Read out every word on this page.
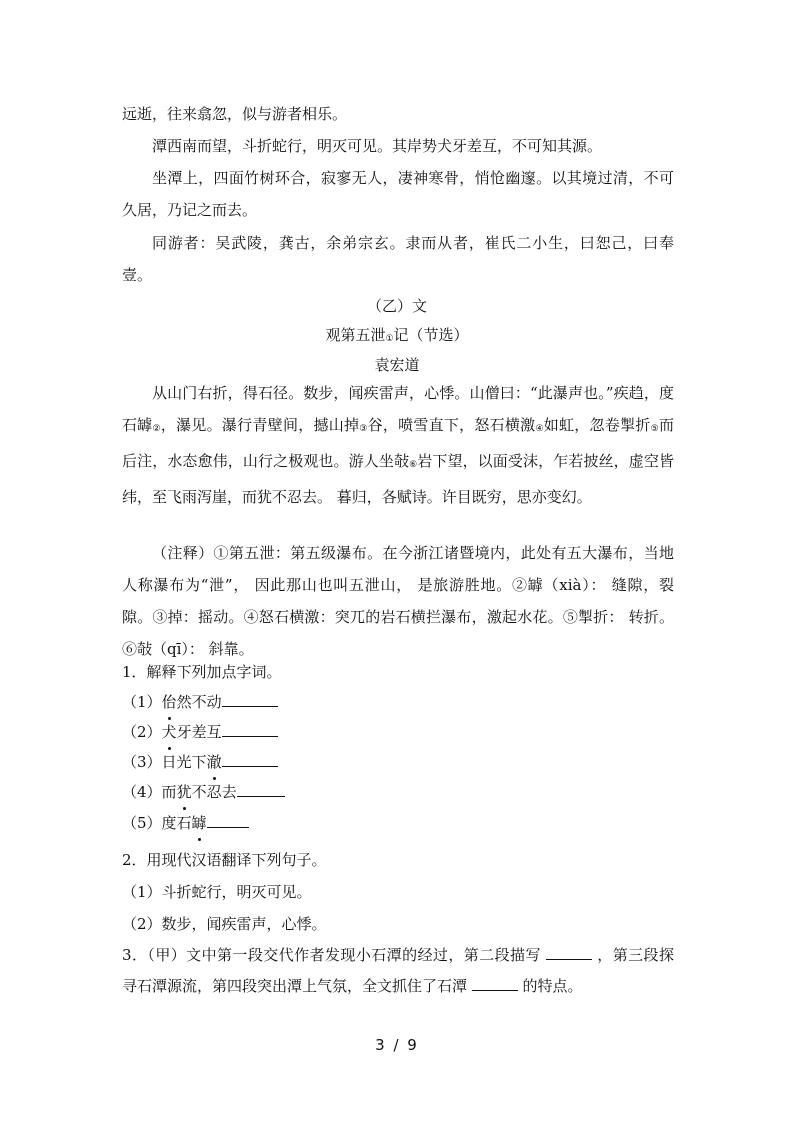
远逝，往来翕忽，似与游者相乐。

潭西南而望，斗折蛇行，明灭可见。其岸势犬牙差互，不可知其源。

坐潭上，四面竹树环合，寂寥无人，凄神寒骨，悄怆幽邃。以其境过清，不可久居，乃记之而去。

同游者：吴武陵，龚古，余弟宗玄。隶而从者，崔氏二小生，曰恕己，曰奉壹。

（乙）文

观第五泄①记（节选）

袁宏道

从山门右折，得石径。数步，闻疾雷声，心悸。山僧曰：“此瀑声也。”疾趋，度石罅②，瀑见。瀑行青壁间，撼山掉③谷，喷雪直下，怒石横激④如虹，忽卷掣折⑤而后注，水态愈伟，山行之极观也。游人坐敧⑥岩下望，以面受沫，乍若披丝，虚空皆纬，至飞雨泻崖，而犹不忍去。 暮归，各赋诗。许目既穷，思亦变幻。

（注释）①第五泄：第五级瀑布。在今浙江诸暨境内，此处有五大瀑布，当地人称瀑布为“泄”， 因此那山也叫五泄山， 是旅游胜地。②罅（xià）： 缝隙，裂隙。③掉：摇动。④怒石横激：突兀的岩石横拦瀑布，激起水花。⑤掣折： 转折。 ⑥敧（qī）： 斜靠。

1．解释下列加点字词。

（1）佁然不动

（2）犬牙差互

（3）日光下澈

（4）而犹不忍去

（5）度石罅

2．用现代汉语翻译下列句子。

（1）斗折蛇行，明灭可见。

（2）数步，闻疾雷声，心悸。

3．（甲）文中第一段交代作者发现小石潭的经过，第二段描写	，第三段探寻石潭源流，第四段突出潭上气氛，全文抓住了石潭	的特点。

3 / 9
